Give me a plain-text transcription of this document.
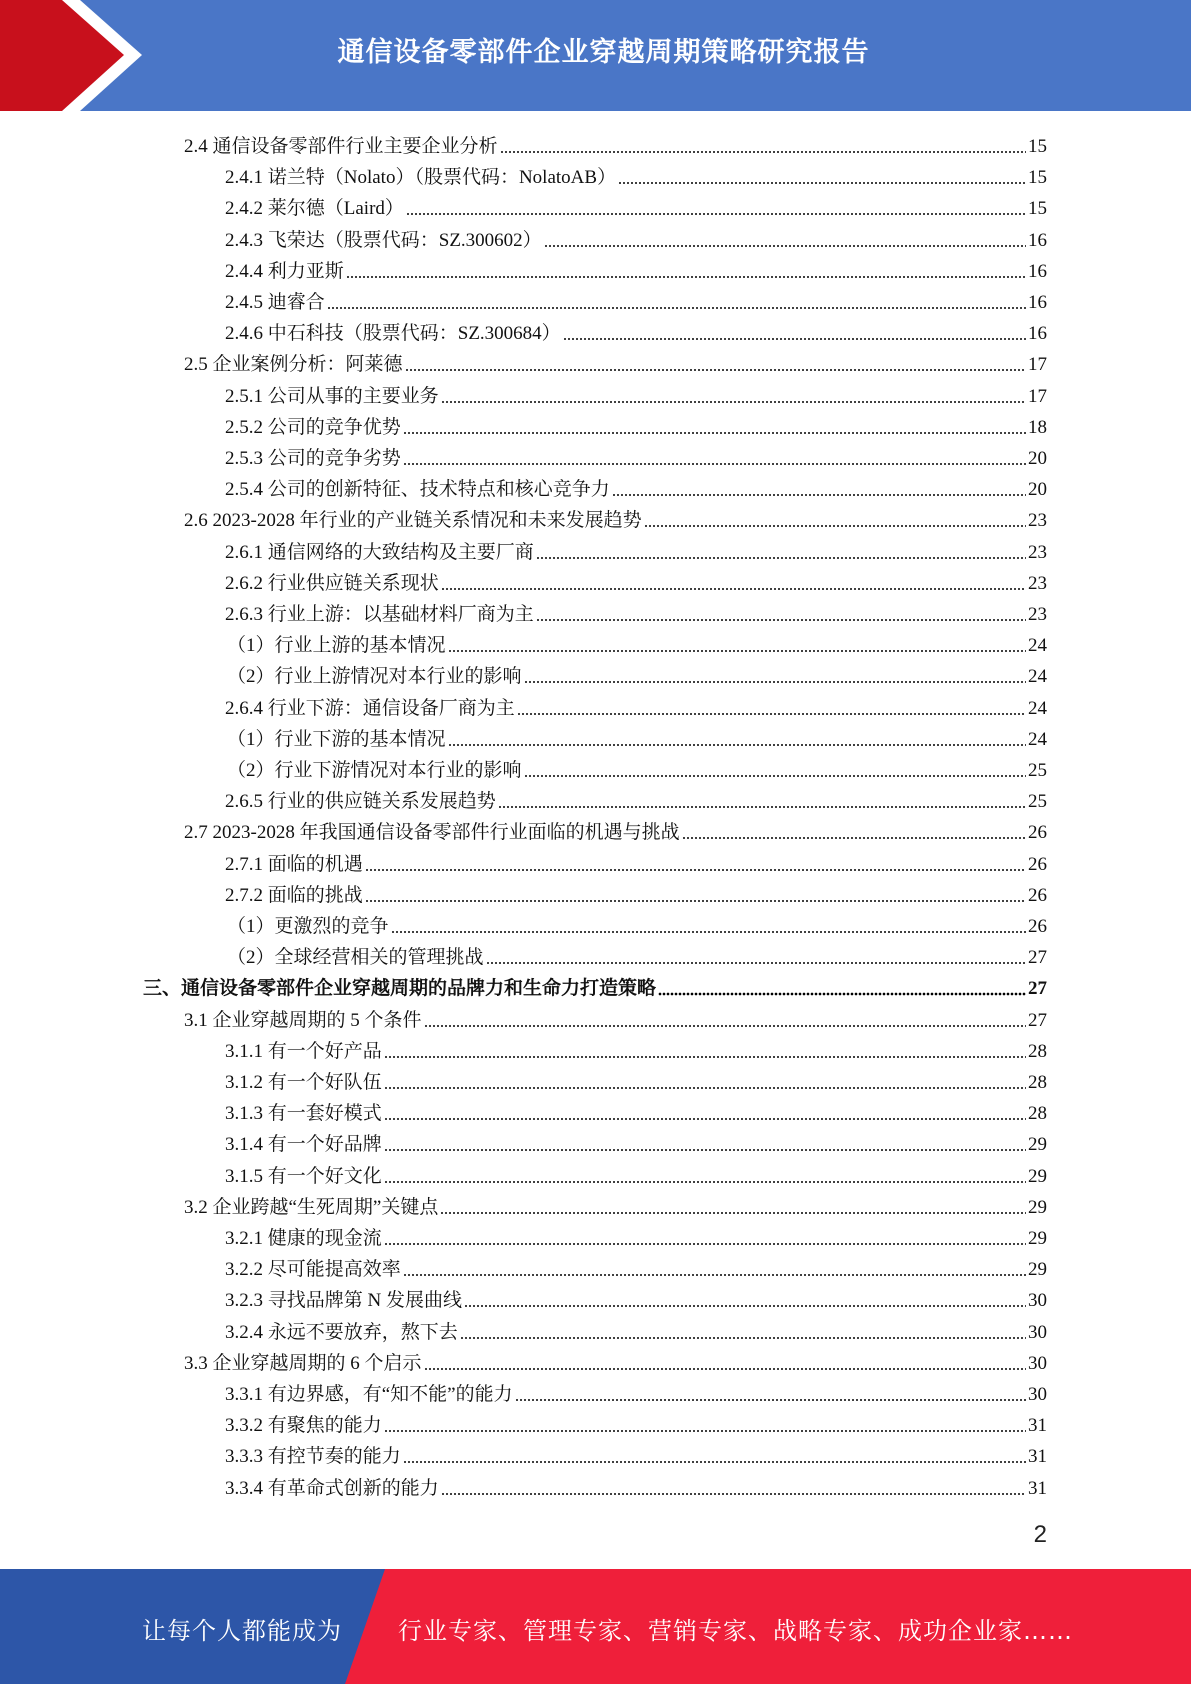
通信设备零部件企业穿越周期策略研究报告
2.4 通信设备零部件行业主要企业分析	15
2.4.1 诺兰特（Nolato）（股票代码：NolatoAB）	15
2.4.2 莱尔德（Laird）	15
2.4.3 飞荣达（股票代码：SZ.300602）	16
2.4.4 利力亚斯	16
2.4.5 迪睿合	16
2.4.6 中石科技（股票代码：SZ.300684）	16
2.5 企业案例分析：阿莱德	17
2.5.1 公司从事的主要业务	17
2.5.2 公司的竞争优势	18
2.5.3 公司的竞争劣势	20
2.5.4 公司的创新特征、技术特点和核心竞争力	20
2.6 2023-2028 年行业的产业链关系情况和未来发展趋势	23
2.6.1 通信网络的大致结构及主要厂商	23
2.6.2 行业供应链关系现状	23
2.6.3 行业上游：以基础材料厂商为主	23
（1）行业上游的基本情况	24
（2）行业上游情况对本行业的影响	24
2.6.4 行业下游：通信设备厂商为主	24
（1）行业下游的基本情况	24
（2）行业下游情况对本行业的影响	25
2.6.5 行业的供应链关系发展趋势	25
2.7 2023-2028 年我国通信设备零部件行业面临的机遇与挑战	26
2.7.1 面临的机遇	26
2.7.2 面临的挑战	26
（1）更激烈的竞争	26
（2）全球经营相关的管理挑战	27
三、通信设备零部件企业穿越周期的品牌力和生命力打造策略	27
3.1 企业穿越周期的 5 个条件	27
3.1.1 有一个好产品	28
3.1.2 有一个好队伍	28
3.1.3 有一套好模式	28
3.1.4 有一个好品牌	29
3.1.5 有一个好文化	29
3.2 企业跨越“生死周期”关键点	29
3.2.1 健康的现金流	29
3.2.2 尽可能提高效率	29
3.2.3 寻找品牌第 N 发展曲线	30
3.2.4 永远不要放弃，熬下去	30
3.3 企业穿越周期的 6 个启示	30
3.3.1 有边界感，有“知不能”的能力	30
3.3.2 有聚焦的能力	31
3.3.3 有控节奏的能力	31
3.3.4 有革命式创新的能力	31
2
让每个人都能成为 行业专家、管理专家、营销专家、战略专家、成功企业家……
